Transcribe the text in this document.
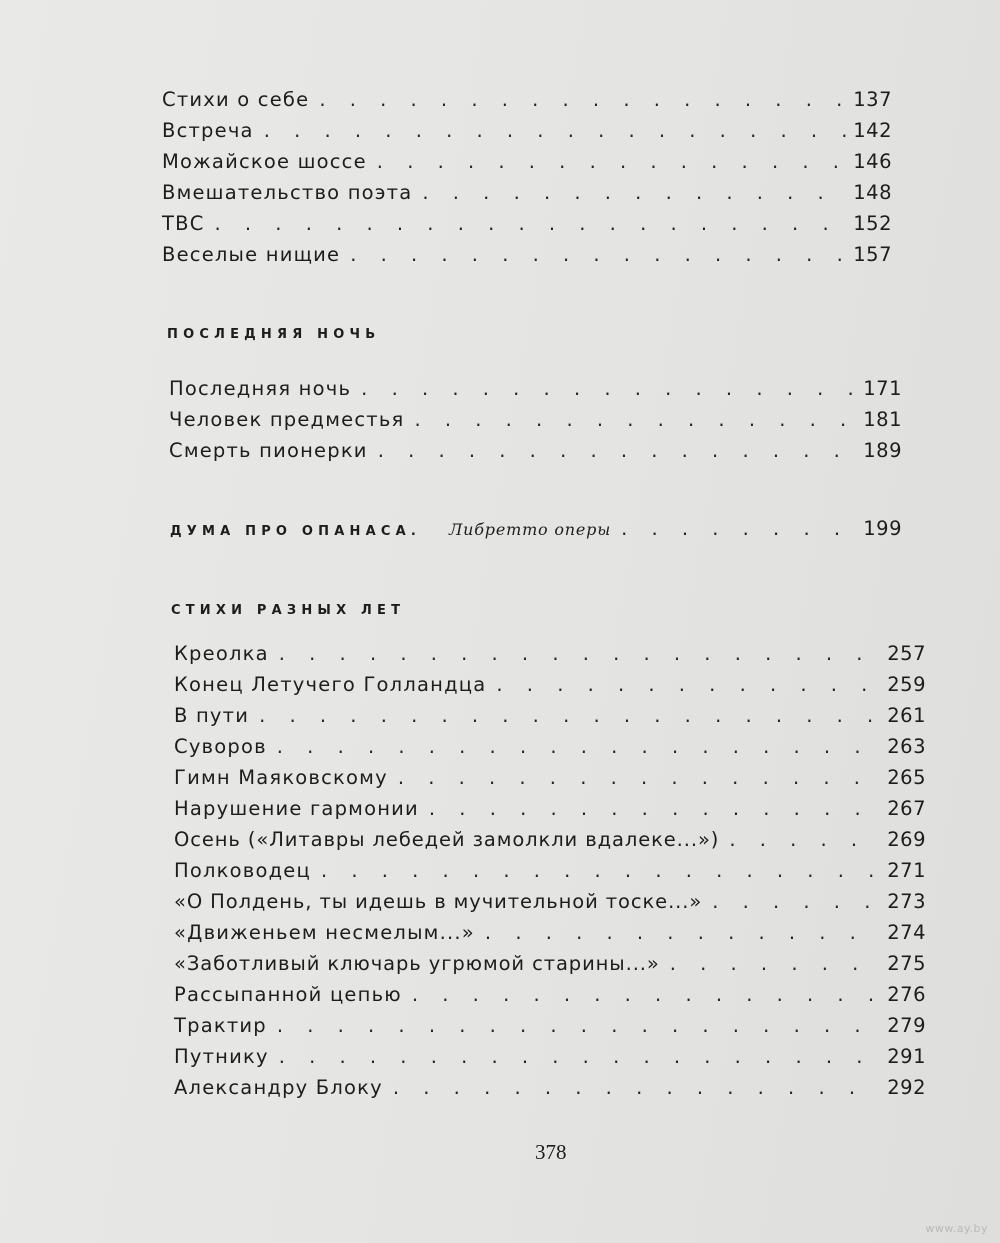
Стихи о себе . . .	137
Встреча . . .	142
Можайское шоссе . . .	146
Вмешательство поэта . . .	148
ТВС . . .	152
Веселые нищие . . .	157
ПОСЛЕДНЯЯ НОЧЬ
Последняя ночь . . .	171
Человек предместья . . .	181
Смерть пионерки . . .	189
ДУМА ПРО ОПАНАСА. Либретто оперы . . .	199
СТИХИ РАЗНЫХ ЛЕТ
Креолка . . .	257
Конец Летучего Голландца . . .	259
В пути . . .	261
Суворов . . .	263
Гимн Маяковскому . . .	265
Нарушение гармонии . . .	267
Осень («Литавры лебедей замолкли вдалеке...») . . .	269
Полководец . . .	271
«О Полдень, ты идешь в мучительной тоске...» . . .	273
«Движеньем несмелым...» . . .	274
«Заботливый ключарь угрюмой старины...» . . .	275
Рассыпанной цепью . . .	276
Трактир . . .	279
Путнику . . .	291
Александру Блоку . . .	292
378
www.ay.by
